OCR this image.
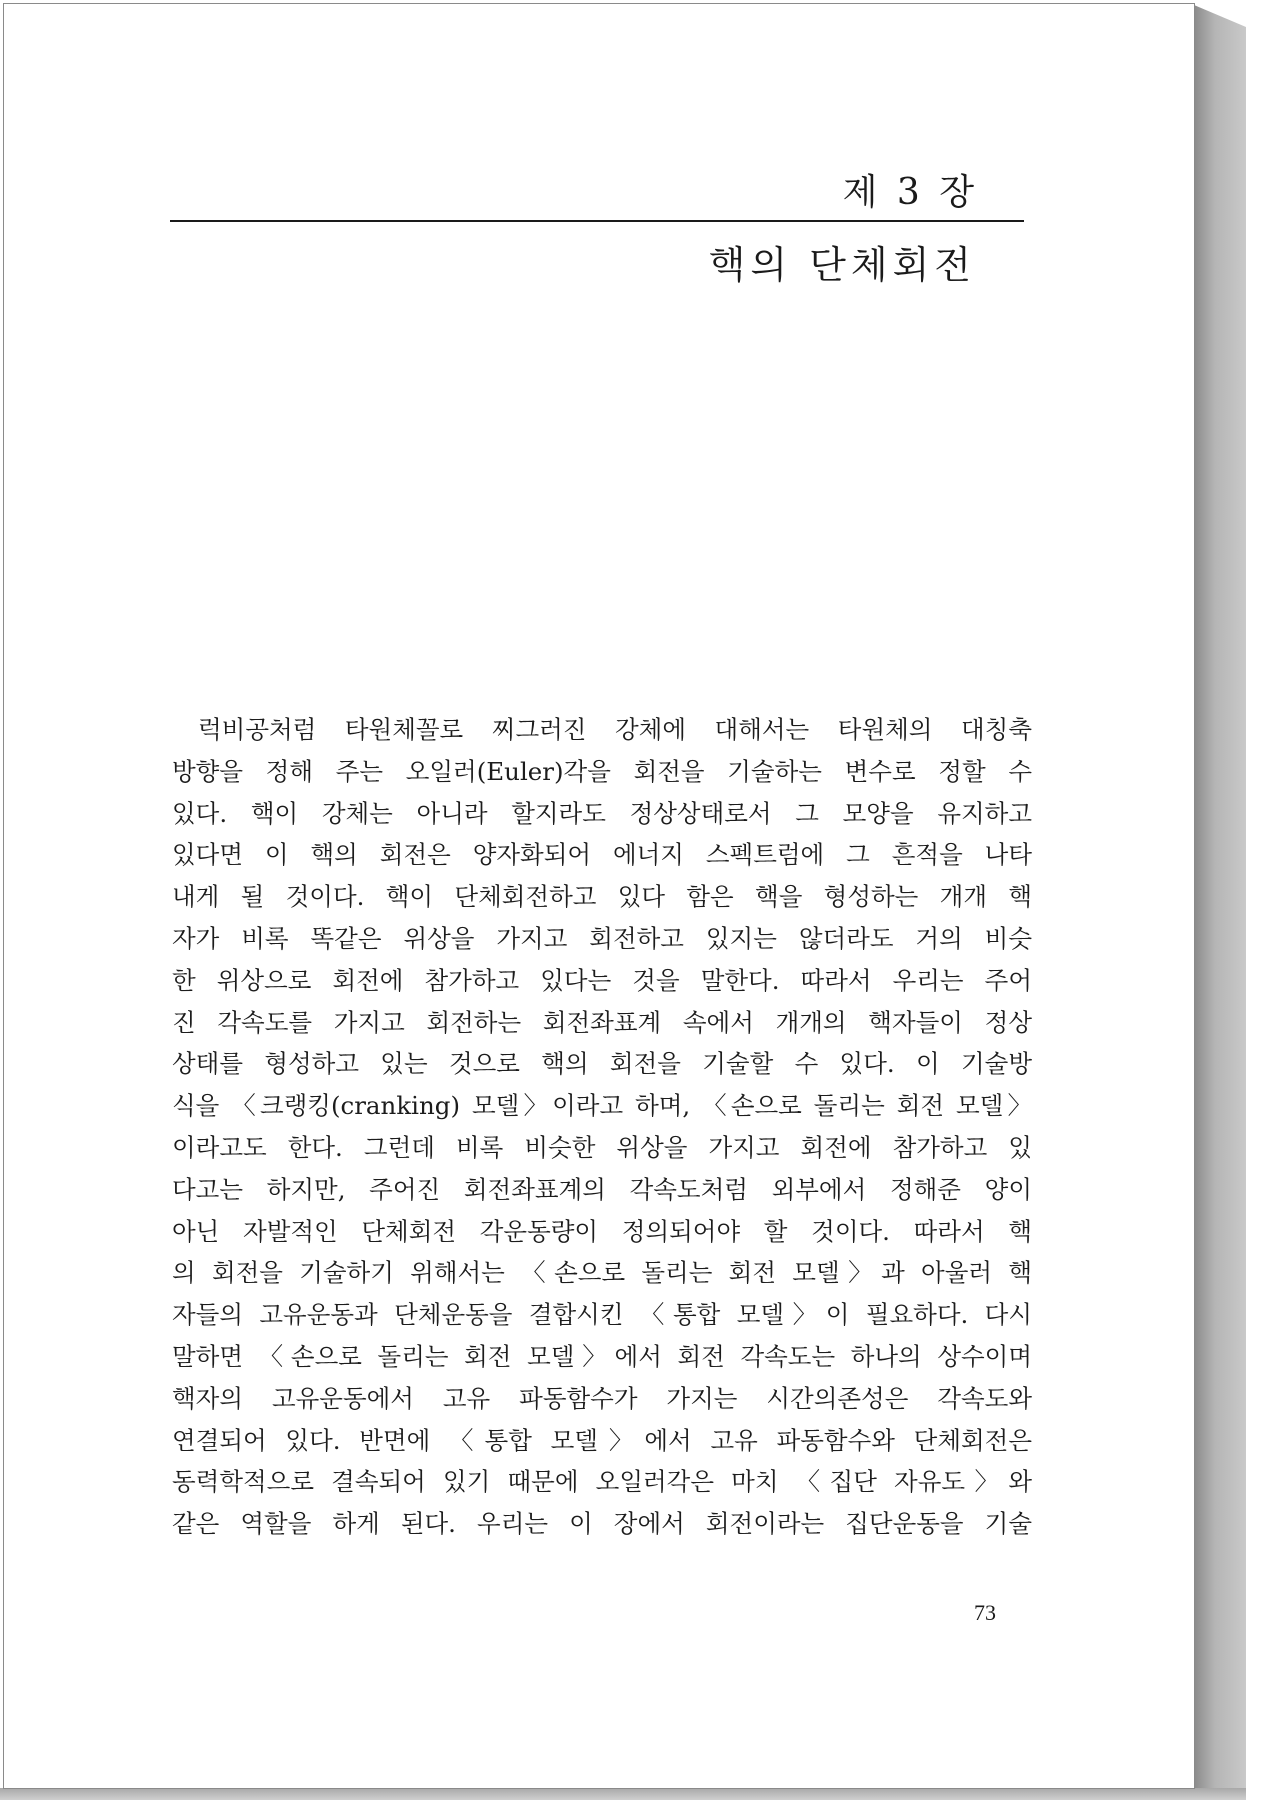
제 3 장
핵의 단체회전
럭비공처럼 타원체꼴로 찌그러진 강체에 대해서는 타원체의 대칭축
방향을 정해 주는 오일러(Euler)각을 회전을 기술하는 변수로 정할 수
있다. 핵이 강체는 아니라 할지라도 정상상태로서 그 모양을 유지하고
있다면 이 핵의 회전은 양자화되어 에너지 스펙트럼에 그 흔적을 나타
내게 될 것이다. 핵이 단체회전하고 있다 함은 핵을 형성하는 개개 핵
자가 비록 똑같은 위상을 가지고 회전하고 있지는 않더라도 거의 비슷
한 위상으로 회전에 참가하고 있다는 것을 말한다. 따라서 우리는 주어
진 각속도를 가지고 회전하는 회전좌표계 속에서 개개의 핵자들이 정상
상태를 형성하고 있는 것으로 핵의 회전을 기술할 수 있다. 이 기술방
식을 〈크랭킹(cranking) 모델〉이라고 하며, 〈손으로 돌리는 회전 모델〉
이라고도 한다. 그런데 비록 비슷한 위상을 가지고 회전에 참가하고 있
다고는 하지만, 주어진 회전좌표계의 각속도처럼 외부에서 정해준 양이
아닌 자발적인 단체회전 각운동량이 정의되어야 할 것이다. 따라서 핵
의 회전을 기술하기 위해서는 〈손으로 돌리는 회전 모델〉과 아울러 핵
자들의 고유운동과 단체운동을 결합시킨 〈통합 모델〉이 필요하다. 다시
말하면 〈손으로 돌리는 회전 모델〉에서 회전 각속도는 하나의 상수이며
핵자의 고유운동에서 고유 파동함수가 가지는 시간의존성은 각속도와
연결되어 있다. 반면에 〈통합 모델〉에서 고유 파동함수와 단체회전은
동력학적으로 결속되어 있기 때문에 오일러각은 마치 〈집단 자유도〉와
같은 역할을 하게 된다. 우리는 이 장에서 회전이라는 집단운동을 기술
73
